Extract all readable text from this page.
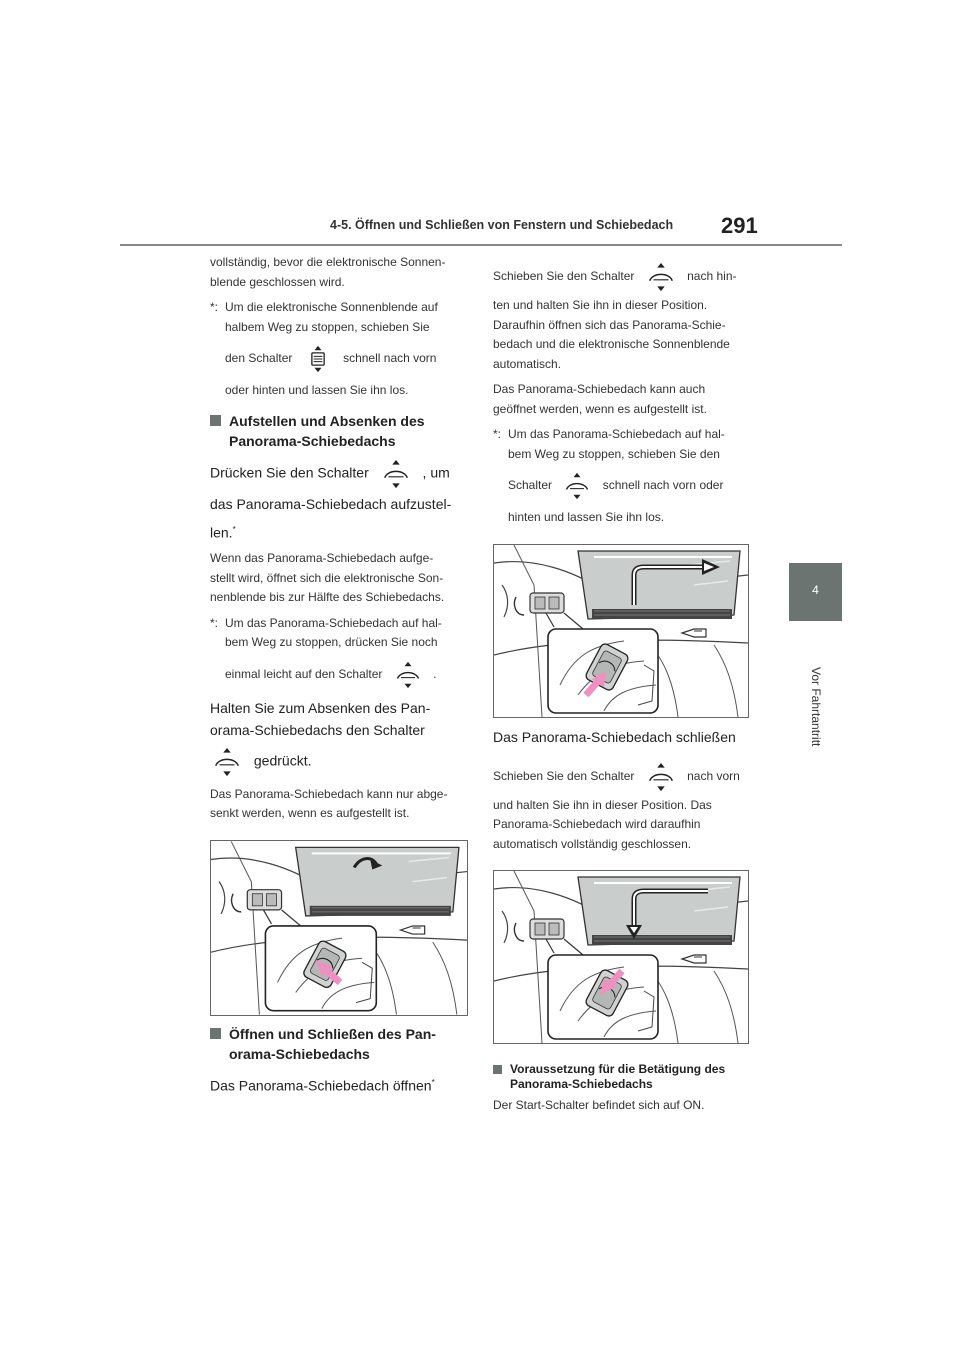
4-5. Öffnen und Schließen von Fenstern und Schiebedach 291
4
Vor Fahrtantritt

vollständig, bevor die elektronische Sonnen-

blende geschlossen wird.

*: Um die elektronische Sonnenblende auf

halbem Weg zu stoppen, schieben Sie

den Schalter	schnell nach vorn

oder hinten und lassen Sie ihn los.

Aufstellen und Absenken des

Panorama-Schiebedachs

Drücken Sie den Schalter	, um

das Panorama-Schiebedach aufzustel-

len.*

Wenn das Panorama-Schiebedach aufge-

stellt wird, öffnet sich die elektronische Son-

nenblende bis zur Hälfte des Schiebedachs.

*: Um das Panorama-Schiebedach auf hal-

bem Weg zu stoppen, drücken Sie noch

einmal leicht auf den Schalter	.

Halten Sie zum Absenken des Pan-

orama-Schiebedachs den Schalter

gedrückt.

Das Panorama-Schiebedach kann nur abge-

senkt werden, wenn es aufgestellt ist.

Öffnen und Schließen des Pan-

orama-Schiebedachs

Das Panorama-Schiebedach öffnen*

Schieben Sie den Schalter	nach hin-

ten und halten Sie ihn in dieser Position.

Daraufhin öffnen sich das Panorama-Schie-

bedach und die elektronische Sonnenblende

automatisch.

Das Panorama-Schiebedach kann auch

geöffnet werden, wenn es aufgestellt ist.

*: Um das Panorama-Schiebedach auf hal-

bem Weg zu stoppen, schieben Sie den

Schalter	schnell nach vorn oder

hinten und lassen Sie ihn los.

Das Panorama-Schiebedach schließen

Schieben Sie den Schalter	nach vorn

und halten Sie ihn in dieser Position. Das

Panorama-Schiebedach wird daraufhin

automatisch vollständig geschlossen.

Voraussetzung für die Betätigung des

Panorama-Schiebedachs

Der Start-Schalter befindet sich auf ON.
